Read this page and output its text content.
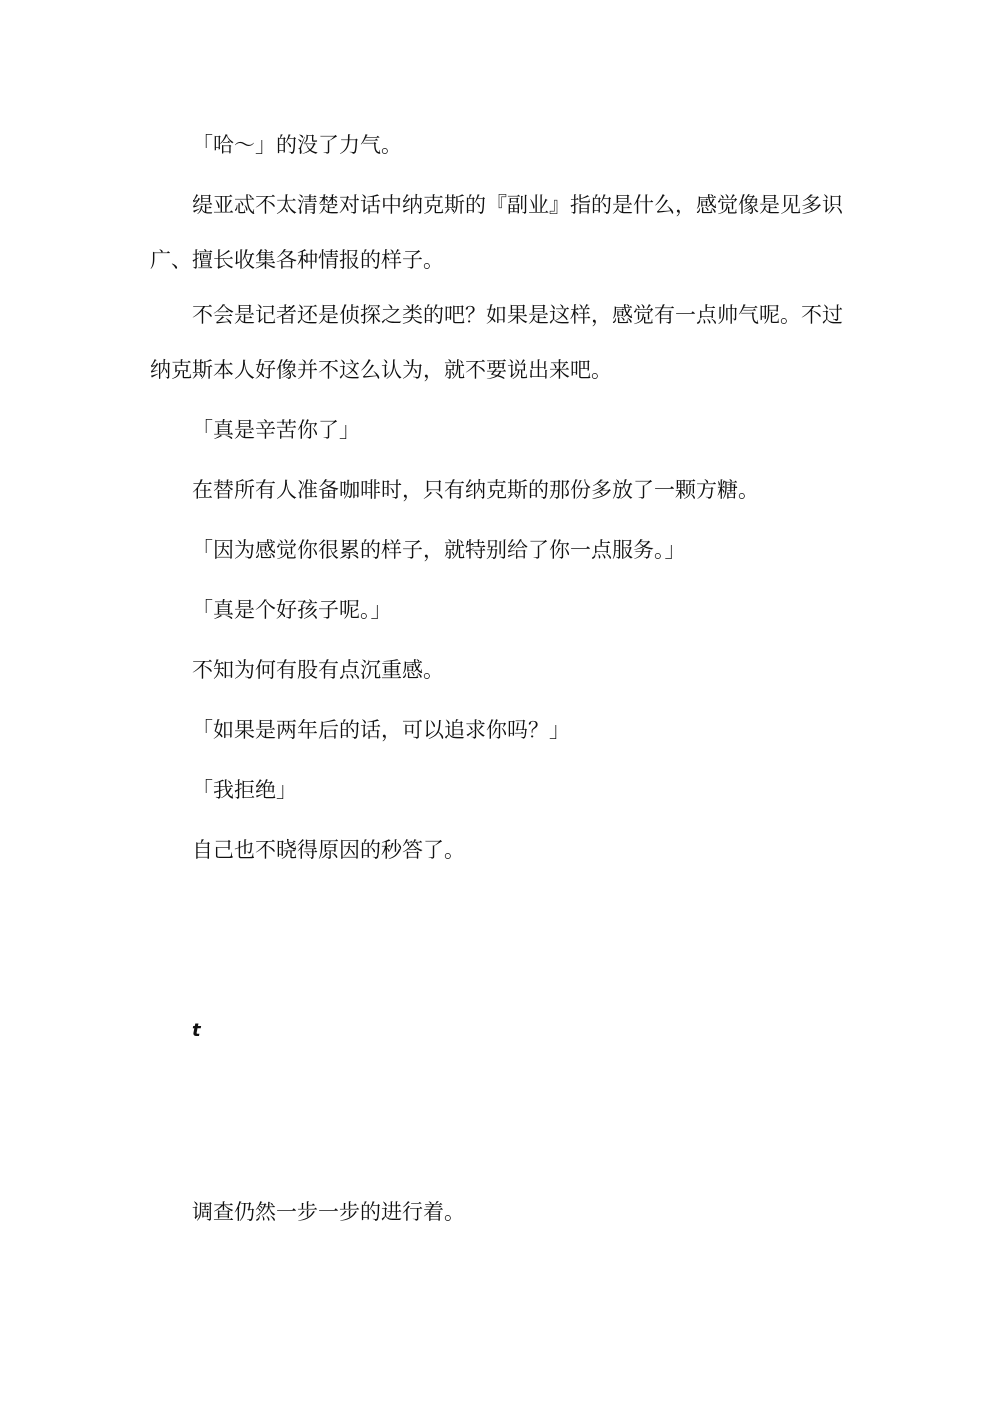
「哈～」的没了力气。

缇亚忒不太清楚对话中纳克斯的『副业』指的是什么，感觉像是见多识广、擅长收集各种情报的样子。

不会是记者还是侦探之类的吧？如果是这样，感觉有一点帅气呢。不过纳克斯本人好像并不这么认为，就不要说出来吧。

「真是辛苦你了」

在替所有人准备咖啡时，只有纳克斯的那份多放了一颗方糖。

「因为感觉你很累的样子，就特别给了你一点服务。」

「真是个好孩子呢。」

不知为何有股有点沉重感。

「如果是两年后的话，可以追求你吗？」

「我拒绝」

自己也不晓得原因的秒答了。

t

调查仍然一步一步的进行着。
